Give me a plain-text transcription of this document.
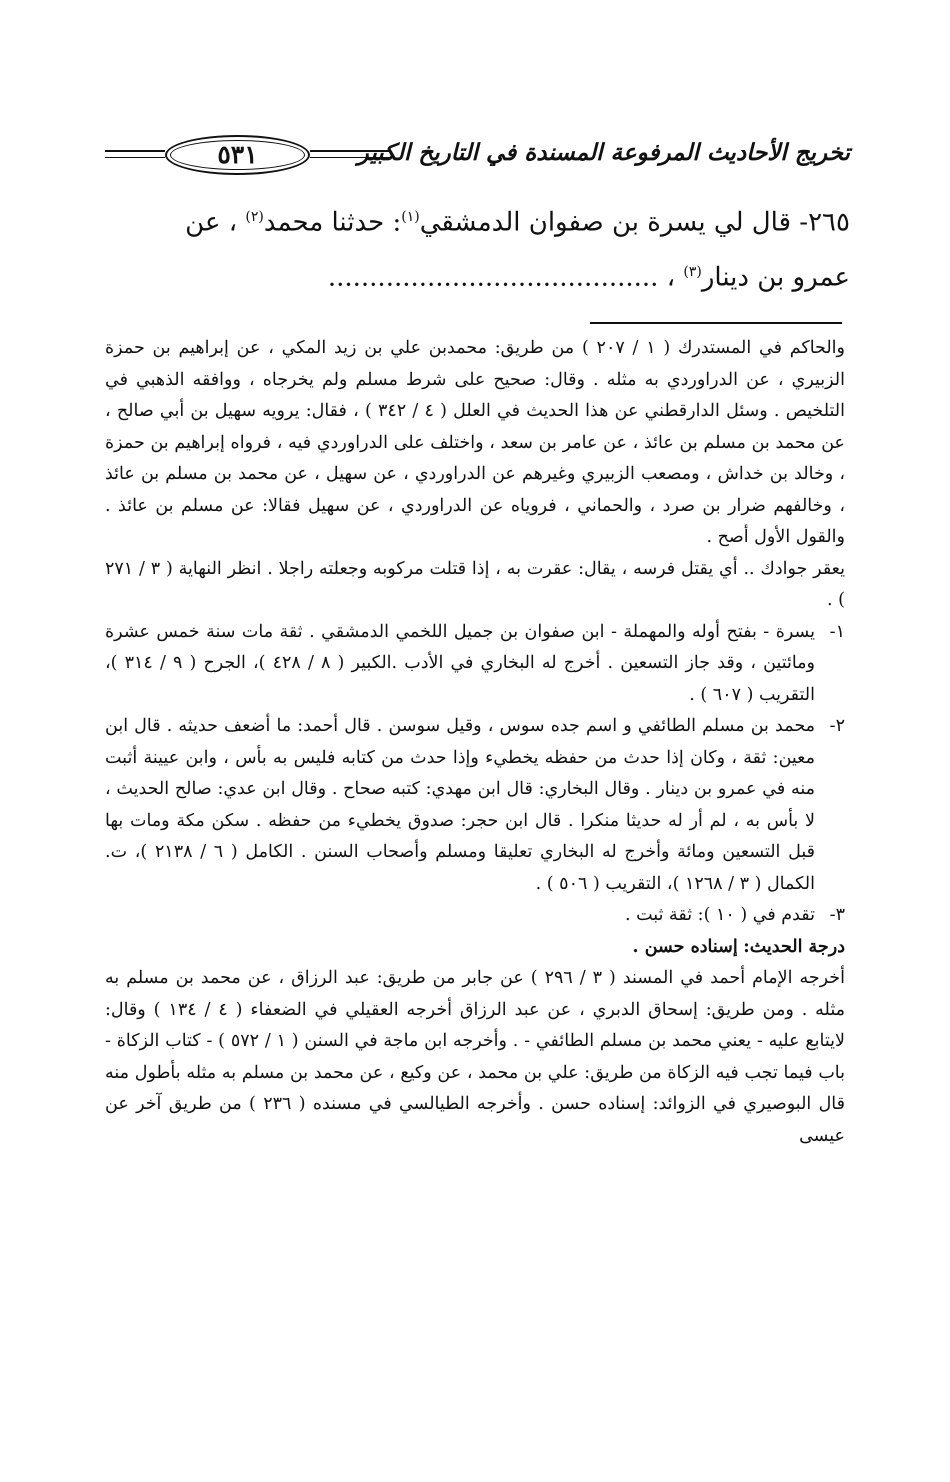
تخريج الأحاديث المرفوعة المسندة في التاريخ الكبير
٥٣١
٢٦٥- قال لي يسرة بن صفوان الدمشقي$^{(١)}$: حدثنا محمد$^{(٢)}$ ، عن
عمرو بن دينار$^{(٣)}$ ، ........................................

والحاكم في المستدرك ( ١ / ٢٠٧ ) من طريق: محمدبن علي بن زيد المكي ، عن إبراهيم بن حمزة الزبيري ، عن الدراوردي به مثله . وقال: صحيح على شرط مسلم ولم يخرجاه ، ووافقه الذهبي في التلخيص . وسئل الدارقطني عن هذا الحديث في العلل ( ٤ / ٣٤٢ ) ، فقال: يرويه سهيل بن أبي صالح ، عن محمد بن مسلم بن عائذ ، عن عامر بن سعد ، واختلف على الدراوردي فيه ، فرواه إبراهيم بن حمزة ، وخالد بن خداش ، ومصعب الزبيري وغيرهم عن الدراوردي ، عن سهيل ، عن محمد بن مسلم بن عائذ ، وخالفهم ضرار بن صرد ، والحماني ، فروياه عن الدراوردي ، عن سهيل فقالا: عن مسلم بن عائذ . والقول الأول أصح .

يعقر جوادك .. أي يقتل فرسه ، يقال: عقرت به ، إذا قتلت مركوبه وجعلته راجلا . انظر النهاية ( ٣ / ٢٧١ ) .

١-يسرة - بفتح أوله والمهملة - ابن صفوان بن جميل اللخمي الدمشقي . ثقة مات سنة خمس عشرة ومائتين ، وقد جاز التسعين . أخرج له البخاري في الأدب .الكبير ( ٨ / ٤٢٨ )، الجرح ( ٩ / ٣١٤ )، التقريب ( ٦٠٧ ) .

٢-محمد بن مسلم الطائفي و اسم جده سوس ، وقيل سوسن . قال أحمد: ما أضعف حديثه . قال ابن معين: ثقة ، وكان إذا حدث من حفظه يخطيء وإذا حدث من كتابه فليس به بأس ، وابن عيينة أثبت منه في عمرو بن دينار . وقال البخاري: قال ابن مهدي: كتبه صحاح . وقال ابن عدي: صالح الحديث ، لا بأس به ، لم أر له حديثا منكرا . قال ابن حجر: صدوق يخطيء من حفظه . سكن مكة ومات بها قبل التسعين ومائة وأخرج له البخاري تعليقا ومسلم وأصحاب السنن . الكامل ( ٦ / ٢١٣٨ )، ت. الكمال ( ٣ / ١٢٦٨ )، التقريب ( ٥٠٦ ) .

٣-تقدم في ( ١٠ ): ثقة ثبت .

درجة الحديث: إسناده حسن .

أخرجه الإمام أحمد في المسند ( ٣ / ٢٩٦ ) عن جابر من طريق: عبد الرزاق ، عن محمد بن مسلم به مثله . ومن طريق: إسحاق الدبري ، عن عبد الرزاق أخرجه العقيلي في الضعفاء ( ٤ / ١٣٤ ) وقال: لايتابع عليه - يعني محمد بن مسلم الطائفي - . وأخرجه ابن ماجة في السنن ( ١ / ٥٧٢ ) - كتاب الزكاة - باب فيما تجب فيه الزكاة من طريق: علي بن محمد ، عن وكيع ، عن محمد بن مسلم به مثله بأطول منه قال البوصيري في الزوائد: إسناده حسن . وأخرجه الطيالسي في مسنده ( ٢٣٦ ) من طريق آخر عن عيسى
